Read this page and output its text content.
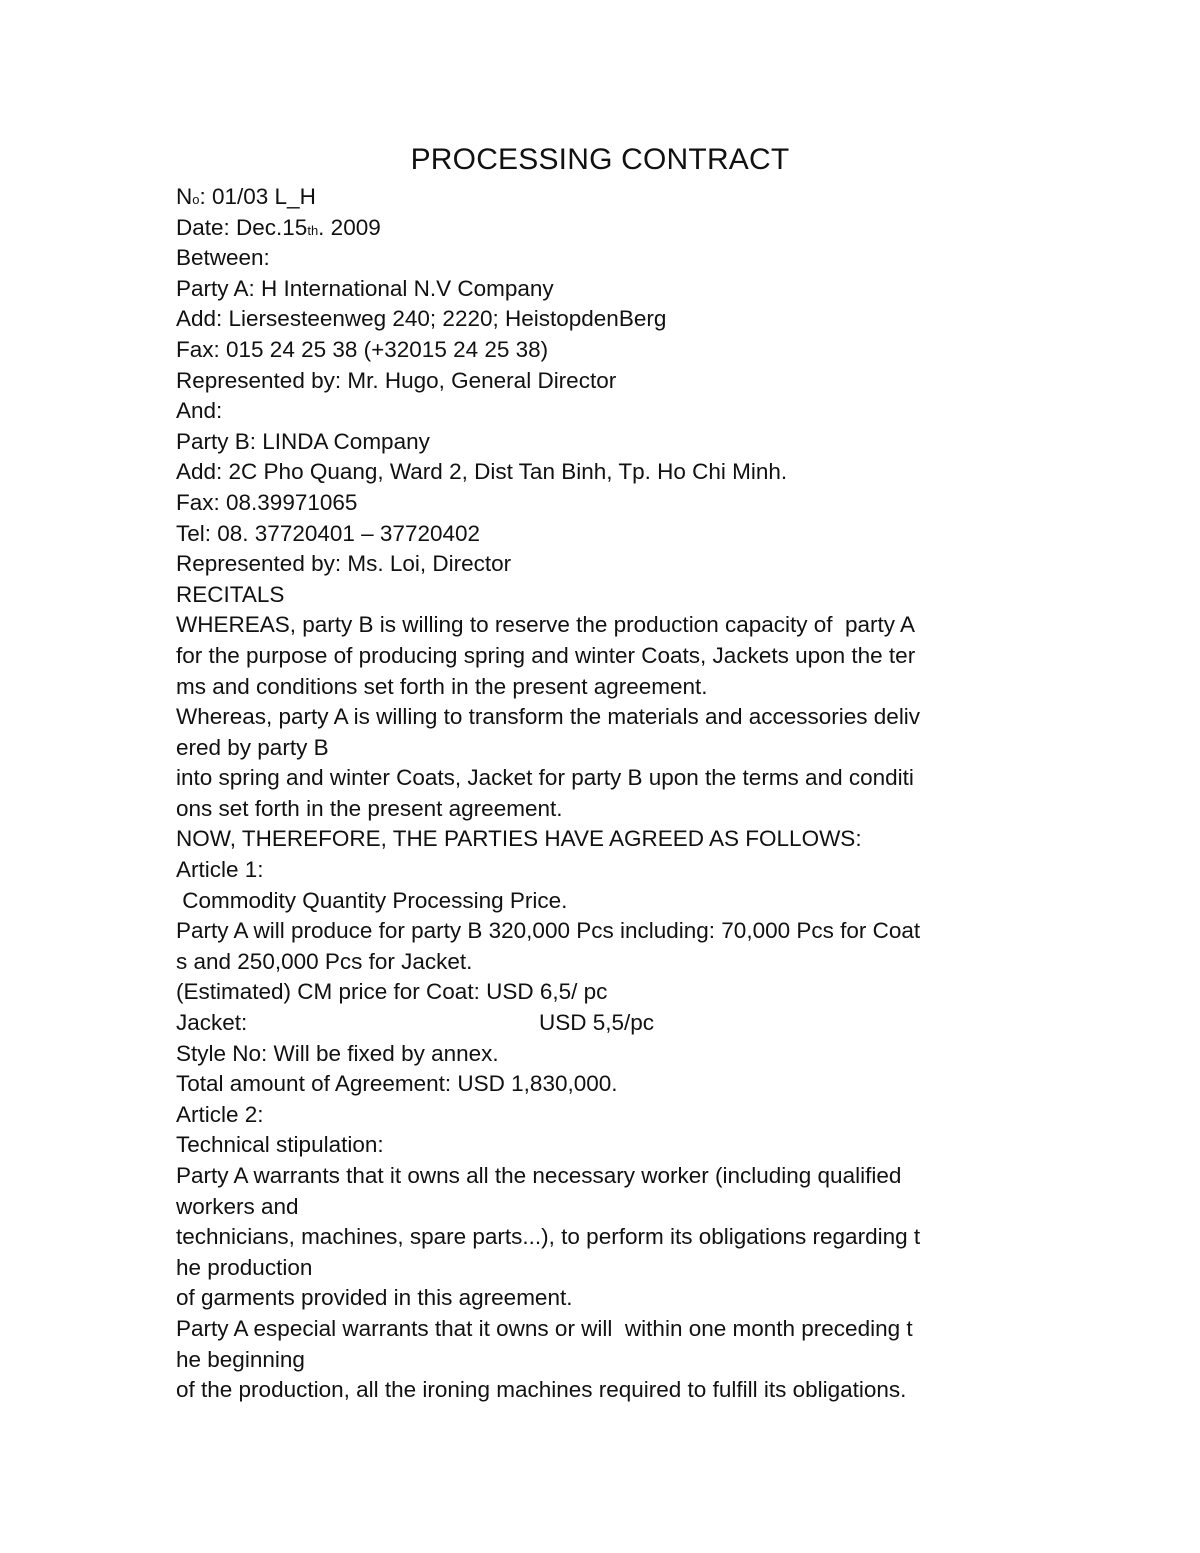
PROCESSING CONTRACT
No: 01/03 L_H
Date: Dec.15th. 2009
Between:
Party A: H International N.V Company
Add: Liersesteenweg 240; 2220; HeistopdenBerg
Fax: 015 24 25 38 (+32015 24 25 38)
Represented by: Mr. Hugo, General Director
And:
Party B: LINDA Company
Add: 2C Pho Quang, Ward 2, Dist Tan Binh, Tp. Ho Chi Minh.
Fax: 08.39971065
Tel: 08. 37720401 – 37720402
Represented by: Ms. Loi, Director
RECITALS
WHEREAS, party B is willing to reserve the production capacity of  party A
for the purpose of producing spring and winter Coats, Jackets upon the ter
ms and conditions set forth in the present agreement.
Whereas, party A is willing to transform the materials and accessories deliv
ered by party B
into spring and winter Coats, Jacket for party B upon the terms and conditi
ons set forth in the present agreement.
NOW, THEREFORE, THE PARTIES HAVE AGREED AS FOLLOWS:
Article 1:
Commodity Quantity Processing Price.
Party A will produce for party B 320,000 Pcs including: 70,000 Pcs for Coat
s and 250,000 Pcs for Jacket.
(Estimated) CM price for Coat: USD 6,5/ pc

Jacket:

	USD 5,5/pc

Style No: Will be fixed by annex.
Total amount of Agreement: USD 1,830,000.
Article 2:
Technical stipulation:
Party A warrants that it owns all the necessary worker (including qualified
workers and
technicians, machines, spare parts...), to perform its obligations regarding t
he production
of garments provided in this agreement.
Party A especial warrants that it owns or will  within one month preceding t
he beginning
of the production, all the ironing machines required to fulfill its obligations.
